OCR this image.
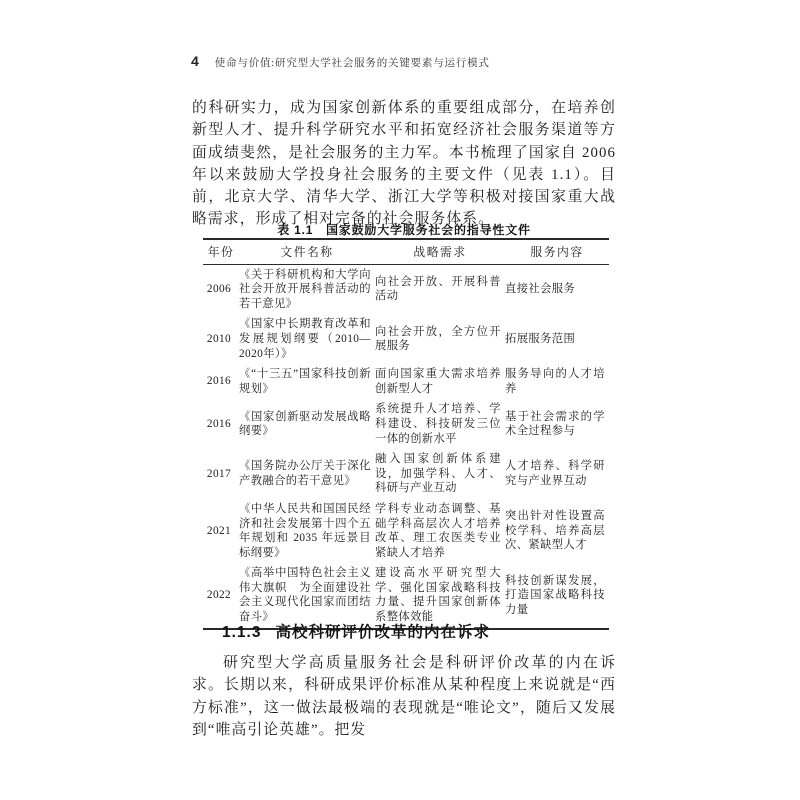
4 使命与价值:研究型大学社会服务的关键要素与运行模式
的科研实力，成为国家创新体系的重要组成部分，在培养创新型人才、提升科学研究水平和拓宽经济社会服务渠道等方面成绩斐然，是社会服务的主力军。本书梳理了国家自 2006 年以来鼓励大学投身社会服务的主要文件（见表 1.1）。目前，北京大学、清华大学、浙江大学等积极对接国家重大战略需求，形成了相对完备的社会服务体系。
表 1.1　国家鼓励大学服务社会的指导性文件
年份	文件名称	战略需求	服务内容
2006	《关于科研机构和大学向社会开放开展科普活动的若干意见》	向社会开放、开展科普活动	直接社会服务
2010	《国家中长期教育改革和发展规划纲要（2010—2020年）》	向社会开放，全方位开展服务	拓展服务范围
2016	《“十三五”国家科技创新规划》	面向国家重大需求培养创新型人才	服务导向的人才培养
2016	《国家创新驱动发展战略纲要》	系统提升人才培养、学科建设、科技研发三位一体的创新水平	基于社会需求的学术全过程参与
2017	《国务院办公厅关于深化产教融合的若干意见》	融入国家创新体系建设，加强学科、人才、科研与产业互动	人才培养、科学研究与产业界互动
2021	《中华人民共和国国民经济和社会发展第十四个五年规划和 2035 年远景目标纲要》	学科专业动态调整、基础学科高层次人才培养改革、理工农医类专业紧缺人才培养	突出针对性设置高校学科、培养高层次、紧缺型人才
2022	《高举中国特色社会主义伟大旗帜　为全面建设社会主义现代化国家而团结奋斗》	建设高水平研究型大学、强化国家战略科技力量、提升国家创新体系整体效能	科技创新谋发展，打造国家战略科技力量
1.1.3 高校科研评价改革的内在诉求
研究型大学高质量服务社会是科研评价改革的内在诉求。长期以来，科研成果评价标准从某种程度上来说就是“西方标准”，这一做法最极端的表现就是“唯论文”，随后又发展到“唯高引论英雄”。把发
